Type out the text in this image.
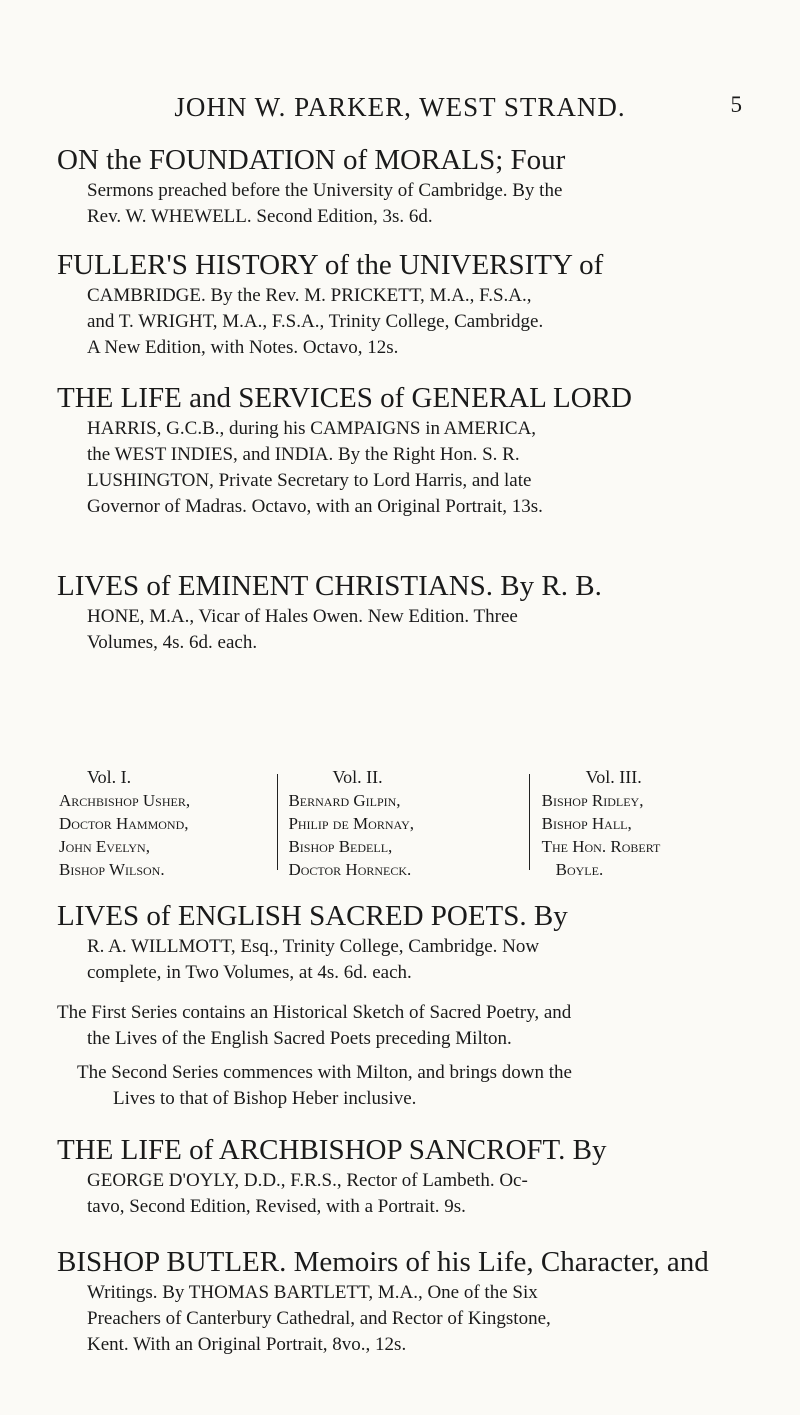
JOHN W. PARKER, WEST STRAND.	5
ON the FOUNDATION of MORALS; Four
Sermons preached before the University of Cambridge. By the
Rev. W. WHEWELL. Second Edition, 3s. 6d.
FULLER'S HISTORY of the UNIVERSITY of
CAMBRIDGE. By the Rev. M. PRICKETT, M.A., F.S.A.,
and T. WRIGHT, M.A., F.S.A., Trinity College, Cambridge.
A New Edition, with Notes. Octavo, 12s.
THE LIFE and SERVICES of GENERAL LORD
HARRIS, G.C.B., during his CAMPAIGNS in AMERICA,
the WEST INDIES, and INDIA. By the Right Hon. S. R.
LUSHINGTON, Private Secretary to Lord Harris, and late
Governor of Madras. Octavo, with an Original Portrait, 13s.
LIVES of EMINENT CHRISTIANS. By R. B.
HONE, M.A., Vicar of Hales Owen. New Edition. Three
Volumes, 4s. 6d. each.
Vol. I.
Archbishop Usher,
Doctor Hammond,
John Evelyn,
Bishop Wilson.
Vol. II.
Bernard Gilpin,
Philip de Mornay,
Bishop Bedell,
Doctor Horneck.
Vol. III.
Bishop Ridley,
Bishop Hall,
The Hon. Robert
Boyle.
LIVES of ENGLISH SACRED POETS. By
R. A. WILLMOTT, Esq., Trinity College, Cambridge. Now
complete, in Two Volumes, at 4s. 6d. each.
The First Series contains an Historical Sketch of Sacred Poetry, and
the Lives of the English Sacred Poets preceding Milton.
The Second Series commences with Milton, and brings down the
Lives to that of Bishop Heber inclusive.
THE LIFE of ARCHBISHOP SANCROFT. By
GEORGE D'OYLY, D.D., F.R.S., Rector of Lambeth. Oc-
tavo, Second Edition, Revised, with a Portrait. 9s.
BISHOP BUTLER. Memoirs of his Life, Character, and
Writings. By THOMAS BARTLETT, M.A., One of the Six
Preachers of Canterbury Cathedral, and Rector of Kingstone,
Kent. With an Original Portrait, 8vo., 12s.
